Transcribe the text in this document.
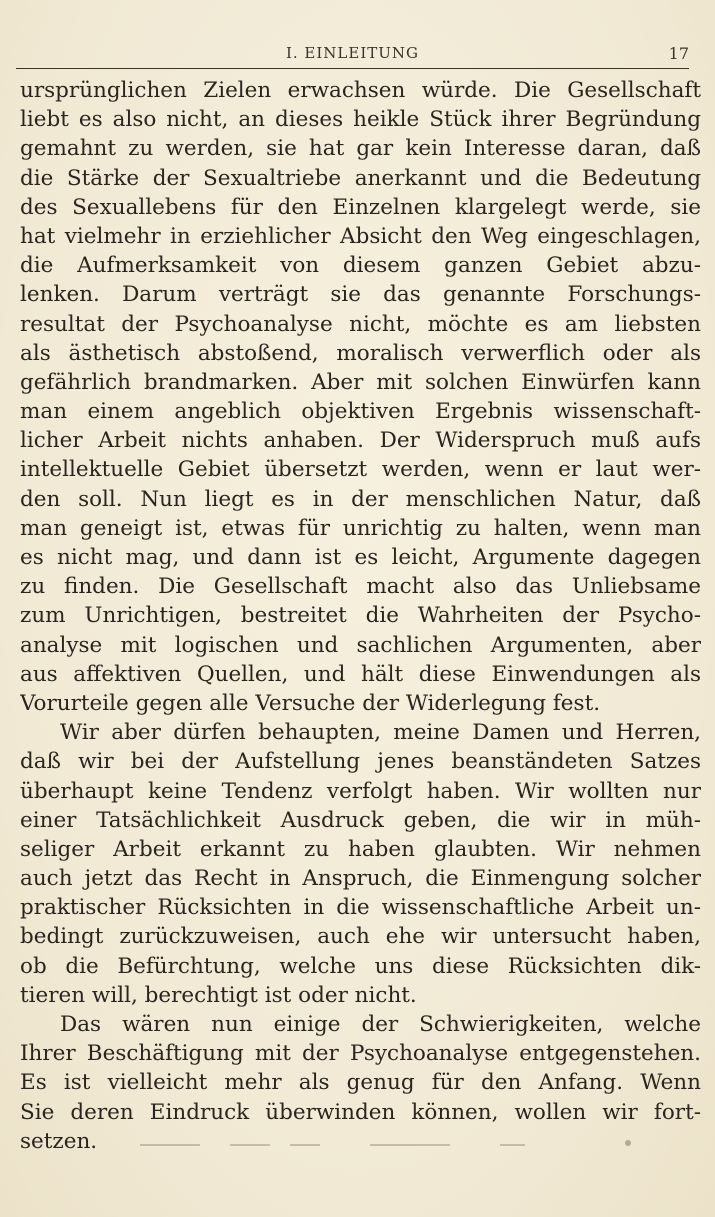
I. EINLEITUNG	17
ursprünglichen Zielen erwachsen würde. Die Gesellschaft
liebt es also nicht, an dieses heikle Stück ihrer Begründung
gemahnt zu werden, sie hat gar kein Interesse daran, daß
die Stärke der Sexualtriebe anerkannt und die Bedeutung
des Sexuallebens für den Einzelnen klargelegt werde, sie
hat vielmehr in erziehlicher Absicht den Weg eingeschlagen,
die Aufmerksamkeit von diesem ganzen Gebiet abzu-
lenken. Darum verträgt sie das genannte Forschungs-
resultat der Psychoanalyse nicht, möchte es am liebsten
als ästhetisch abstoßend, moralisch verwerflich oder als
gefährlich brandmarken. Aber mit solchen Einwürfen kann
man einem angeblich objektiven Ergebnis wissenschaft-
licher Arbeit nichts anhaben. Der Widerspruch muß aufs
intellektuelle Gebiet übersetzt werden, wenn er laut wer-
den soll. Nun liegt es in der menschlichen Natur, daß
man geneigt ist, etwas für unrichtig zu halten, wenn man
es nicht mag, und dann ist es leicht, Argumente dagegen
zu finden. Die Gesellschaft macht also das Unliebsame
zum Unrichtigen, bestreitet die Wahrheiten der Psycho-
analyse mit logischen und sachlichen Argumenten, aber
aus affektiven Quellen, und hält diese Einwendungen als
Vorurteile gegen alle Versuche der Widerlegung fest.
Wir aber dürfen behaupten, meine Damen und Herren,
daß wir bei der Aufstellung jenes beanständeten Satzes
überhaupt keine Tendenz verfolgt haben. Wir wollten nur
einer Tatsächlichkeit Ausdruck geben, die wir in müh-
seliger Arbeit erkannt zu haben glaubten. Wir nehmen
auch jetzt das Recht in Anspruch, die Einmengung solcher
praktischer Rücksichten in die wissenschaftliche Arbeit un-
bedingt zurückzuweisen, auch ehe wir untersucht haben,
ob die Befürchtung, welche uns diese Rücksichten dik-
tieren will, berechtigt ist oder nicht.
Das wären nun einige der Schwierigkeiten, welche
Ihrer Beschäftigung mit der Psychoanalyse entgegenstehen.
Es ist vielleicht mehr als genug für den Anfang. Wenn
Sie deren Eindruck überwinden können, wollen wir fort-
setzen.
